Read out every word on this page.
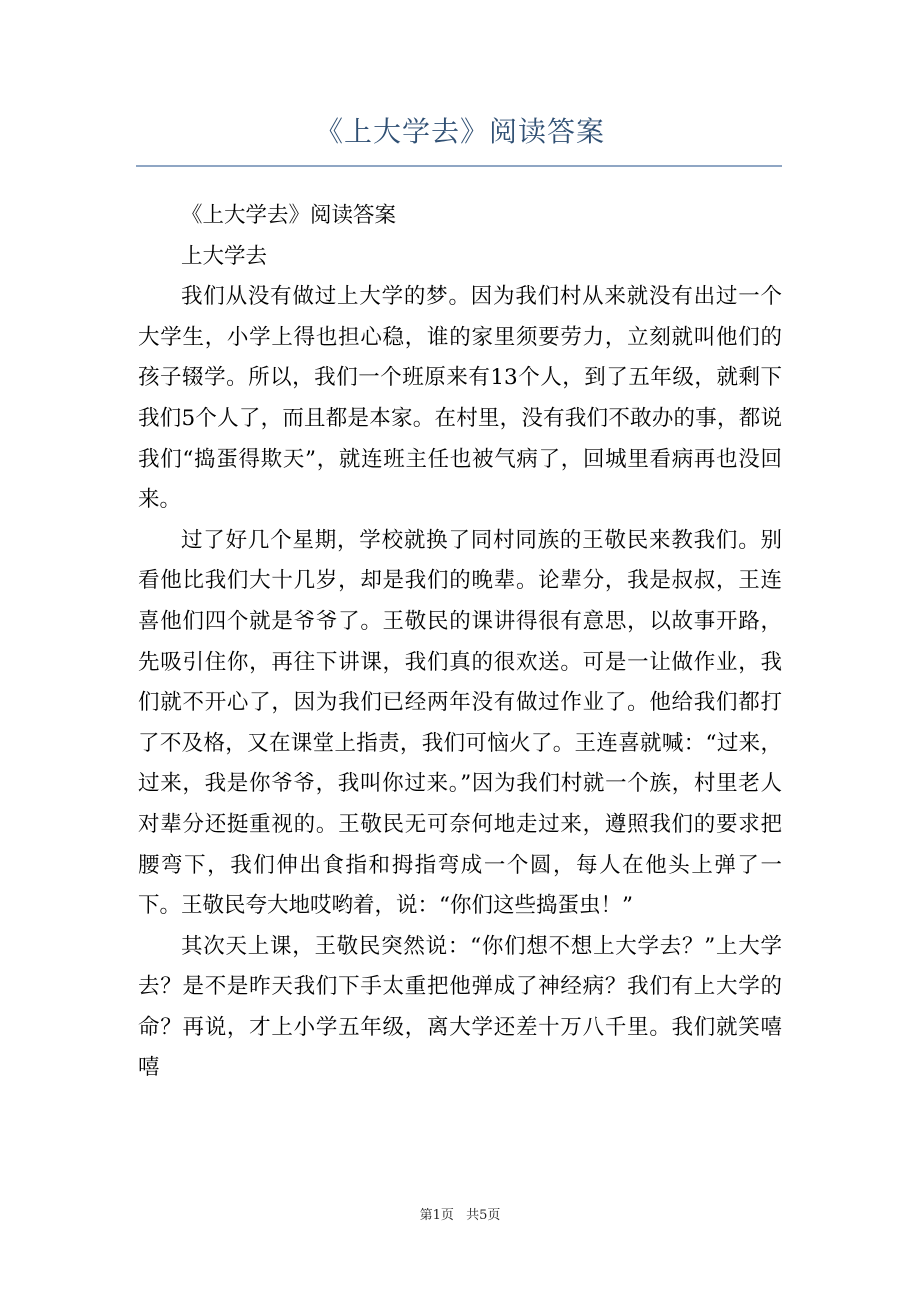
《上大学去》阅读答案

《上大学去》阅读答案

上大学去

我们从没有做过上大学的梦。因为我们村从来就没有出过一个大学生，小学上得也担心稳，谁的家里须要劳力，立刻就叫他们的孩子辍学。所以，我们一个班原来有13个人，到了五年级，就剩下我们5个人了，而且都是本家。在村里，没有我们不敢办的事，都说我们“捣蛋得欺天”，就连班主任也被气病了，回城里看病再也没回来。

过了好几个星期，学校就换了同村同族的王敬民来教我们。别看他比我们大十几岁，却是我们的晚辈。论辈分，我是叔叔，王连喜他们四个就是爷爷了。王敬民的课讲得很有意思，以故事开路，先吸引住你，再往下讲课，我们真的很欢送。可是一让做作业，我们就不开心了，因为我们已经两年没有做过作业了。他给我们都打了不及格，又在课堂上指责，我们可恼火了。王连喜就喊：“过来，过来，我是你爷爷，我叫你过来。”因为我们村就一个族，村里老人对辈分还挺重视的。王敬民无可奈何地走过来，遵照我们的要求把腰弯下，我们伸出食指和拇指弯成一个圆，每人在他头上弹了一下。王敬民夸大地哎哟着，说：“你们这些捣蛋虫！”

其次天上课，王敬民突然说：“你们想不想上大学去？”上大学去？是不是昨天我们下手太重把他弹成了神经病？我们有上大学的命？再说，才上小学五年级，离大学还差十万八千里。我们就笑嘻嘻

第1页 共5页
